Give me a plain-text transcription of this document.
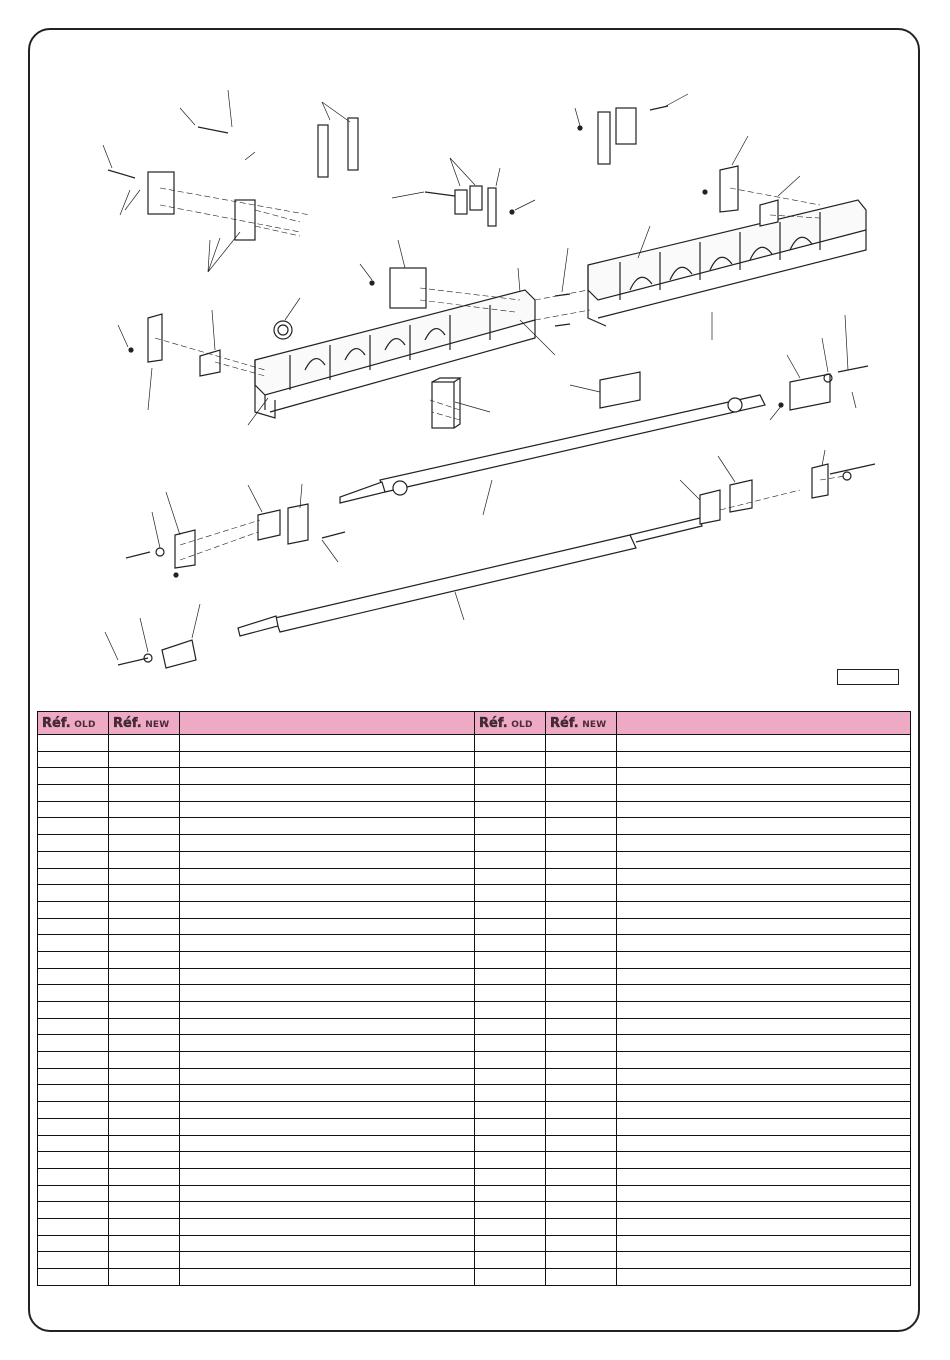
Réf. OLD	Réf. NEW		Réf. OLD	Réf. NEW	
